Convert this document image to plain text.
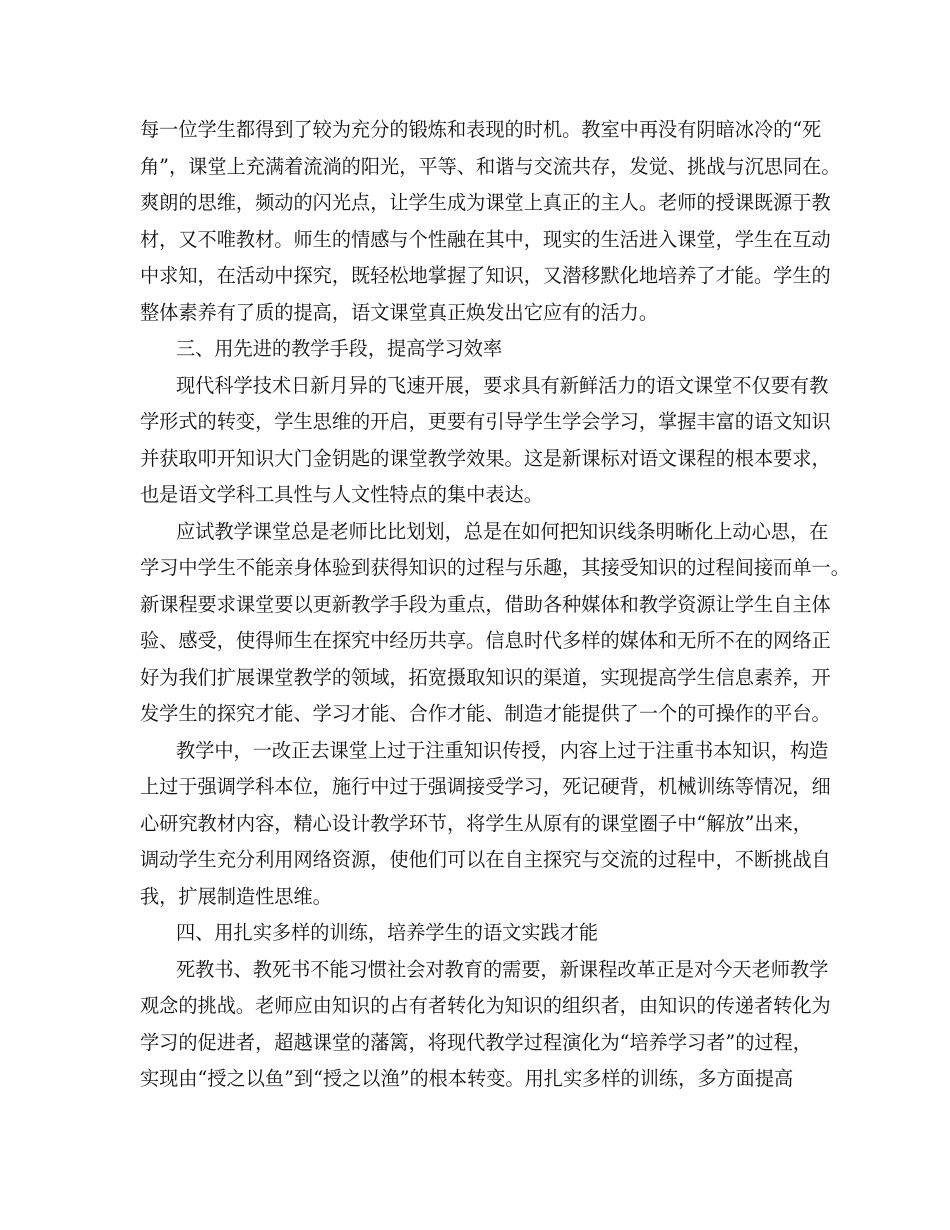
每一位学生都得到了较为充分的锻炼和表现的时机。教室中再没有阴暗冰冷的“死
角”，课堂上充满着流淌的阳光，平等、和谐与交流共存，发觉、挑战与沉思同在。
爽朗的思维，频动的闪光点，让学生成为课堂上真正的主人。老师的授课既源于教
材，又不唯教材。师生的情感与个性融在其中，现实的生活进入课堂，学生在互动
中求知，在活动中探究，既轻松地掌握了知识，又潜移默化地培养了才能。学生的
整体素养有了质的提高，语文课堂真正焕发出它应有的活力。
三、用先进的教学手段，提高学习效率
现代科学技术日新月异的飞速开展，要求具有新鲜活力的语文课堂不仅要有教
学形式的转变，学生思维的开启，更要有引导学生学会学习，掌握丰富的语文知识
并获取叩开知识大门金钥匙的课堂教学效果。这是新课标对语文课程的根本要求，
也是语文学科工具性与人文性特点的集中表达。
应试教学课堂总是老师比比划划，总是在如何把知识线条明晰化上动心思，在
学习中学生不能亲身体验到获得知识的过程与乐趣，其接受知识的过程间接而单一。
新课程要求课堂要以更新教学手段为重点，借助各种媒体和教学资源让学生自主体
验、感受，使得师生在探究中经历共享。信息时代多样的媒体和无所不在的网络正
好为我们扩展课堂教学的领域，拓宽摄取知识的渠道，实现提高学生信息素养，开
发学生的探究才能、学习才能、合作才能、制造才能提供了一个的可操作的平台。
教学中，一改正去课堂上过于注重知识传授，内容上过于注重书本知识，构造
上过于强调学科本位，施行中过于强调接受学习，死记硬背，机械训练等情况，细
心研究教材内容，精心设计教学环节，将学生从原有的课堂圈子中“解放”出来，
调动学生充分利用网络资源，使他们可以在自主探究与交流的过程中，不断挑战自
我，扩展制造性思维。
四、用扎实多样的训练，培养学生的语文实践才能
死教书、教死书不能习惯社会对教育的需要，新课程改革正是对今天老师教学
观念的挑战。老师应由知识的占有者转化为知识的组织者，由知识的传递者转化为
学习的促进者，超越课堂的藩篱，将现代教学过程演化为“培养学习者”的过程，
实现由“授之以鱼”到“授之以渔”的根本转变。用扎实多样的训练，多方面提高
